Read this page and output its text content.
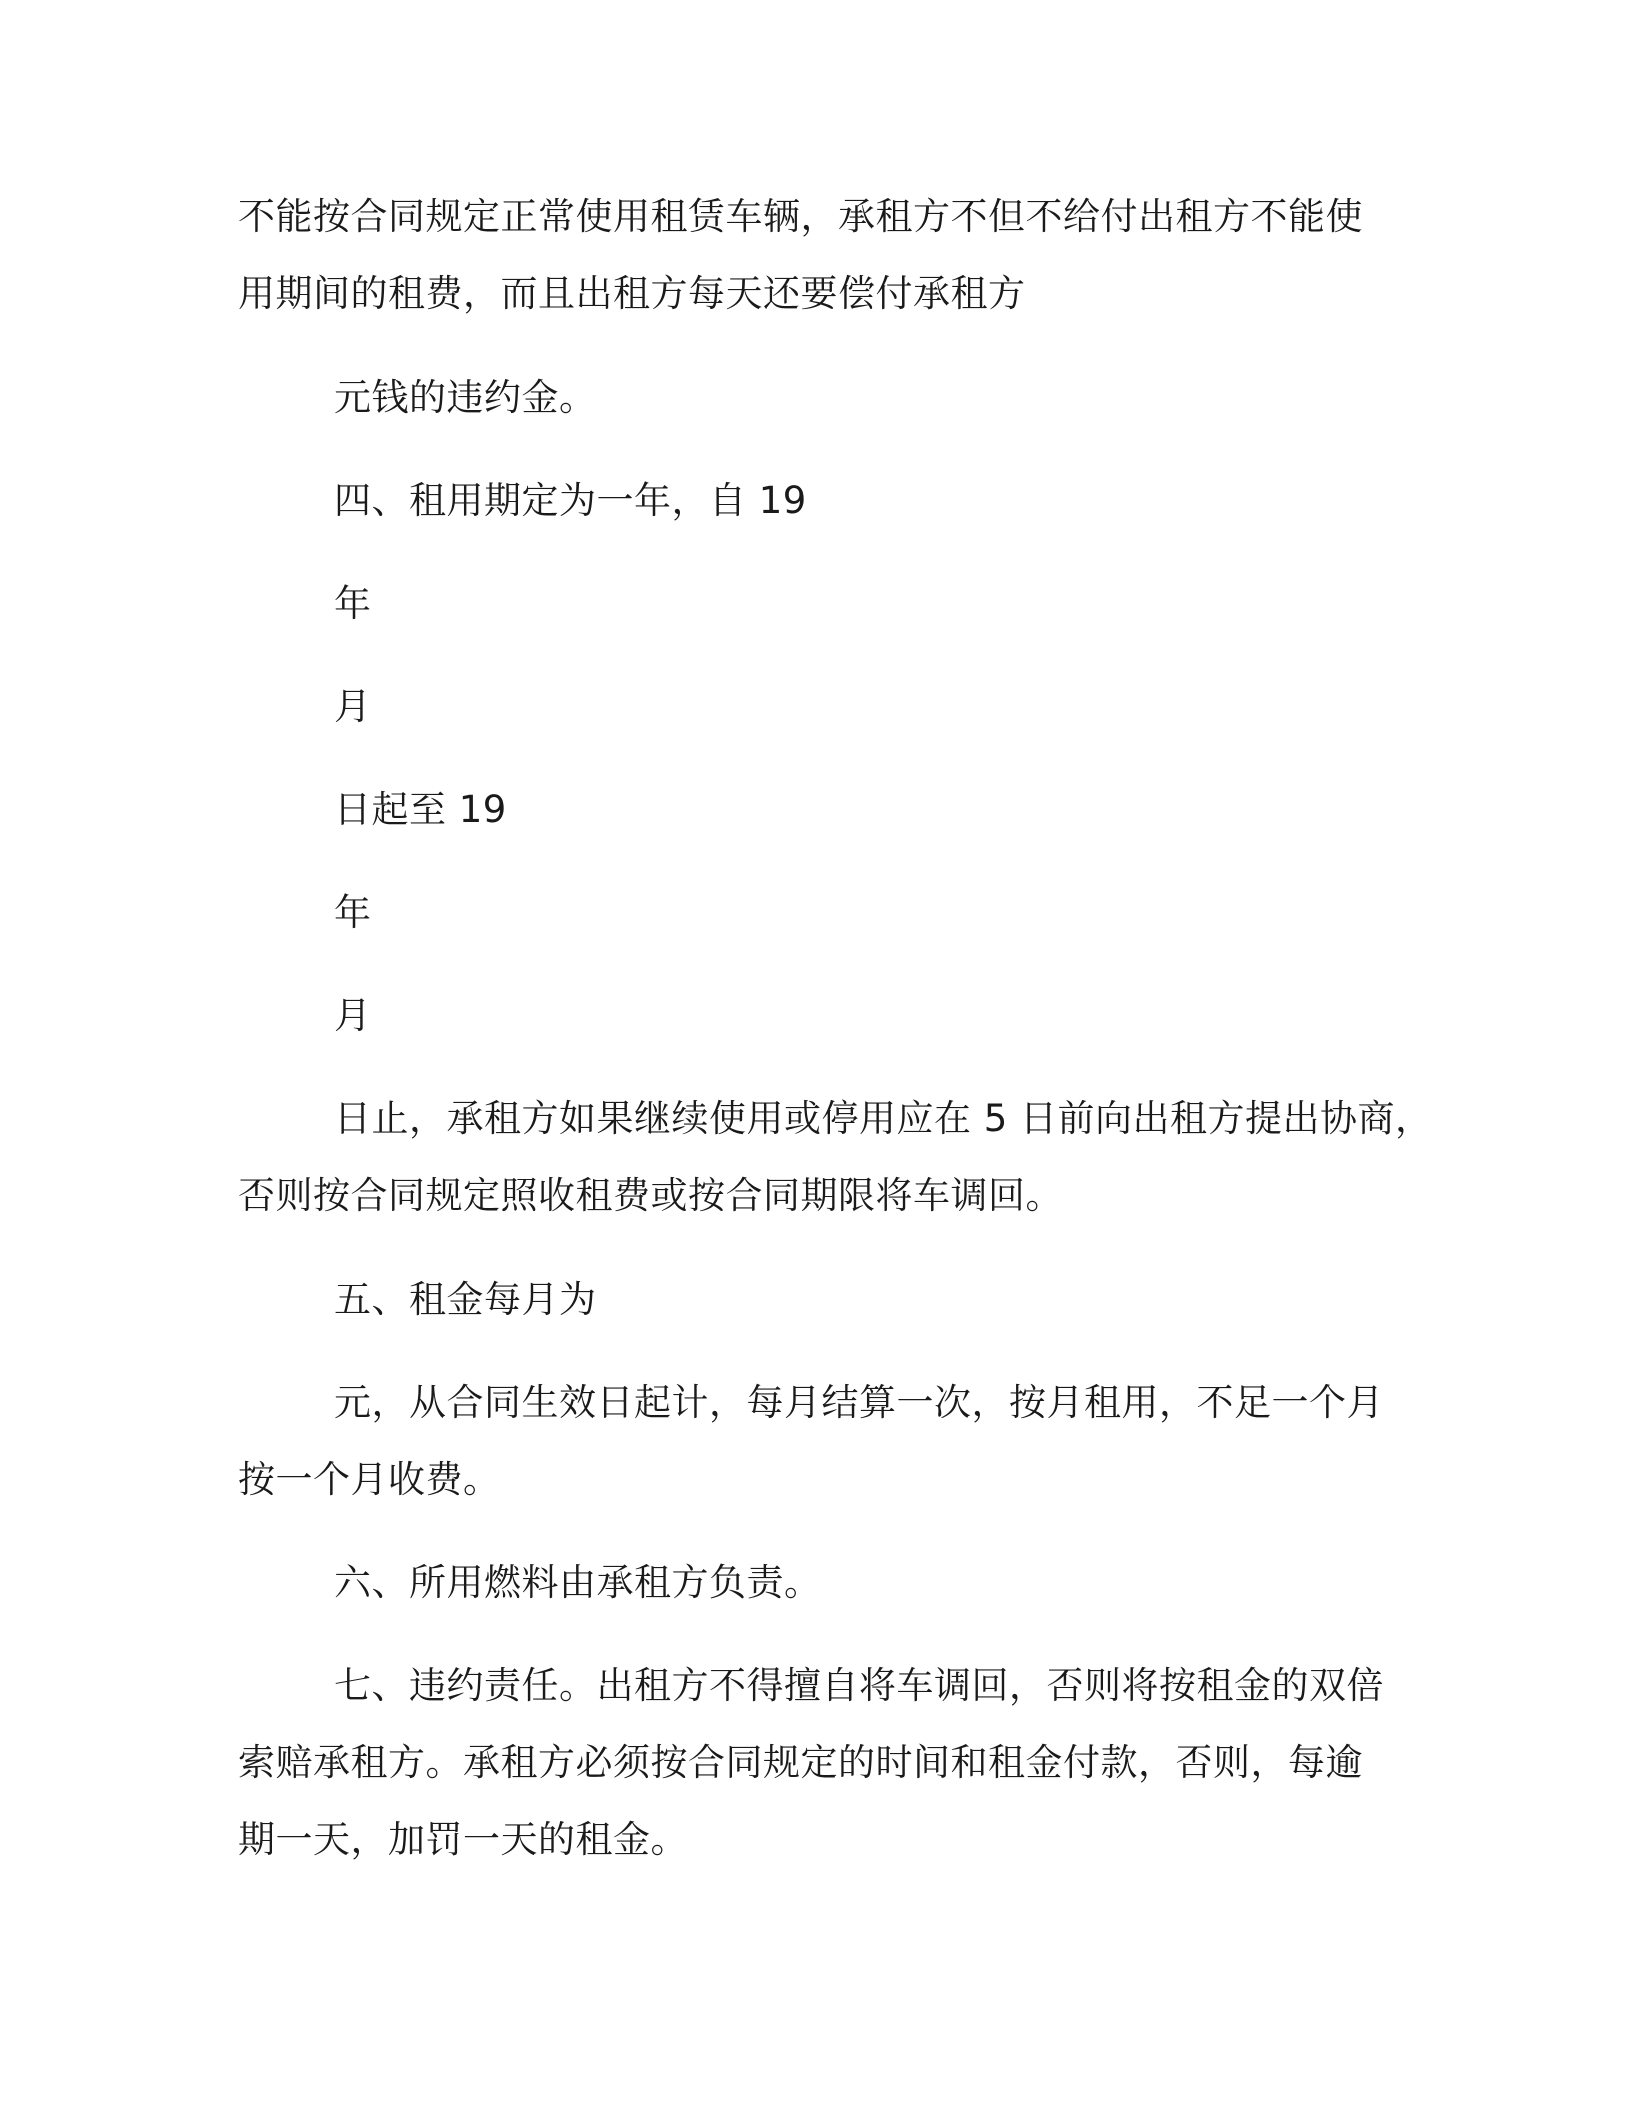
不能按合同规定正常使用租赁车辆，承租方不但不给付出租方不能使
用期间的租费，而且出租方每天还要偿付承租方
元钱的违约金。
四、租用期定为一年，自 19
年
月
日起至 19
年
月
日止，承租方如果继续使用或停用应在 5 日前向出租方提出协商，
否则按合同规定照收租费或按合同期限将车调回。
五、租金每月为
元，从合同生效日起计，每月结算一次，按月租用，不足一个月
按一个月收费。
六、所用燃料由承租方负责。
七、违约责任。出租方不得擅自将车调回，否则将按租金的双倍
索赔承租方。承租方必须按合同规定的时间和租金付款，否则，每逾
期一天，加罚一天的租金。
